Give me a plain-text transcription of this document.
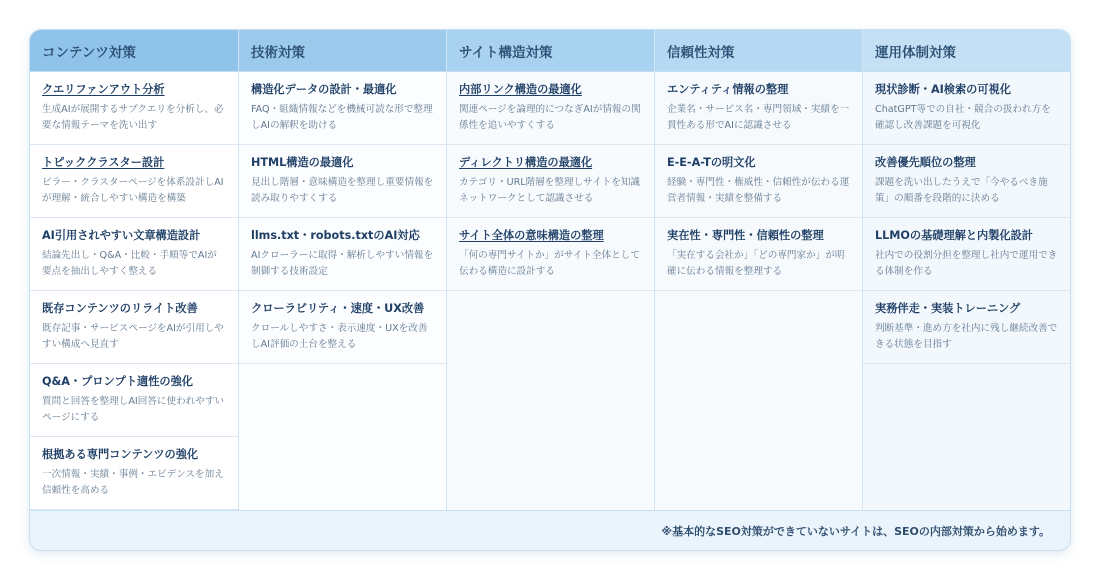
コンテンツ対策
クエリファンアウト分析
生成AIが展開するサブクエリを分析し、必要な情報テーマを洗い出す
トピッククラスター設計
ピラー・クラスターページを体系設計しAIが理解・統合しやすい構造を構築
AI引用されやすい文章構造設計
結論先出し・Q&A・比較・手順等でAIが要点を抽出しやすく整える
既存コンテンツのリライト改善
既存記事・サービスページをAIが引用しやすい構成へ見直す
Q&A・プロンプト適性の強化
質問と回答を整理しAI回答に使われやすいページにする
根拠ある専門コンテンツの強化
一次情報・実績・事例・エビデンスを加え信頼性を高める
技術対策
構造化データの設計・最適化
FAQ・組織情報などを機械可読な形で整理しAIの解釈を助ける
HTML構造の最適化
見出し階層・意味構造を整理し重要情報を読み取りやすくする
llms.txt・robots.txtのAI対応
AIクローラーに取得・解析しやすい情報を制御する技術設定
クローラビリティ・速度・UX改善
クロールしやすさ・表示速度・UXを改善しAI評価の土台を整える
サイト構造対策
内部リンク構造の最適化
関連ページを論理的につなぎAIが情報の関係性を追いやすくする
ディレクトリ構造の最適化
カテゴリ・URL階層を整理しサイトを知識ネットワークとして認識させる
サイト全体の意味構造の整理
「何の専門サイトか」がサイト全体として伝わる構造に設計する
信頼性対策
エンティティ情報の整理
企業名・サービス名・専門領域・実績を一貫性ある形でAIに認識させる
E-E-A-Tの明文化
経験・専門性・権威性・信頼性が伝わる運営者情報・実績を整備する
実在性・専門性・信頼性の整理
「実在する会社か」「どの専門家か」が明確に伝わる情報を整理する
運用体制対策
現状診断・AI検索の可視化
ChatGPT等での自社・競合の扱われ方を確認し改善課題を可視化
改善優先順位の整理
課題を洗い出したうえで「今やるべき施策」の順番を段階的に決める
LLMOの基礎理解と内製化設計
社内での役割分担を整理し社内で運用できる体制を作る
実務伴走・実装トレーニング
判断基準・進め方を社内に残し継続改善できる状態を目指す
※基本的なSEO対策ができていないサイトは、SEOの内部対策から始めます。
